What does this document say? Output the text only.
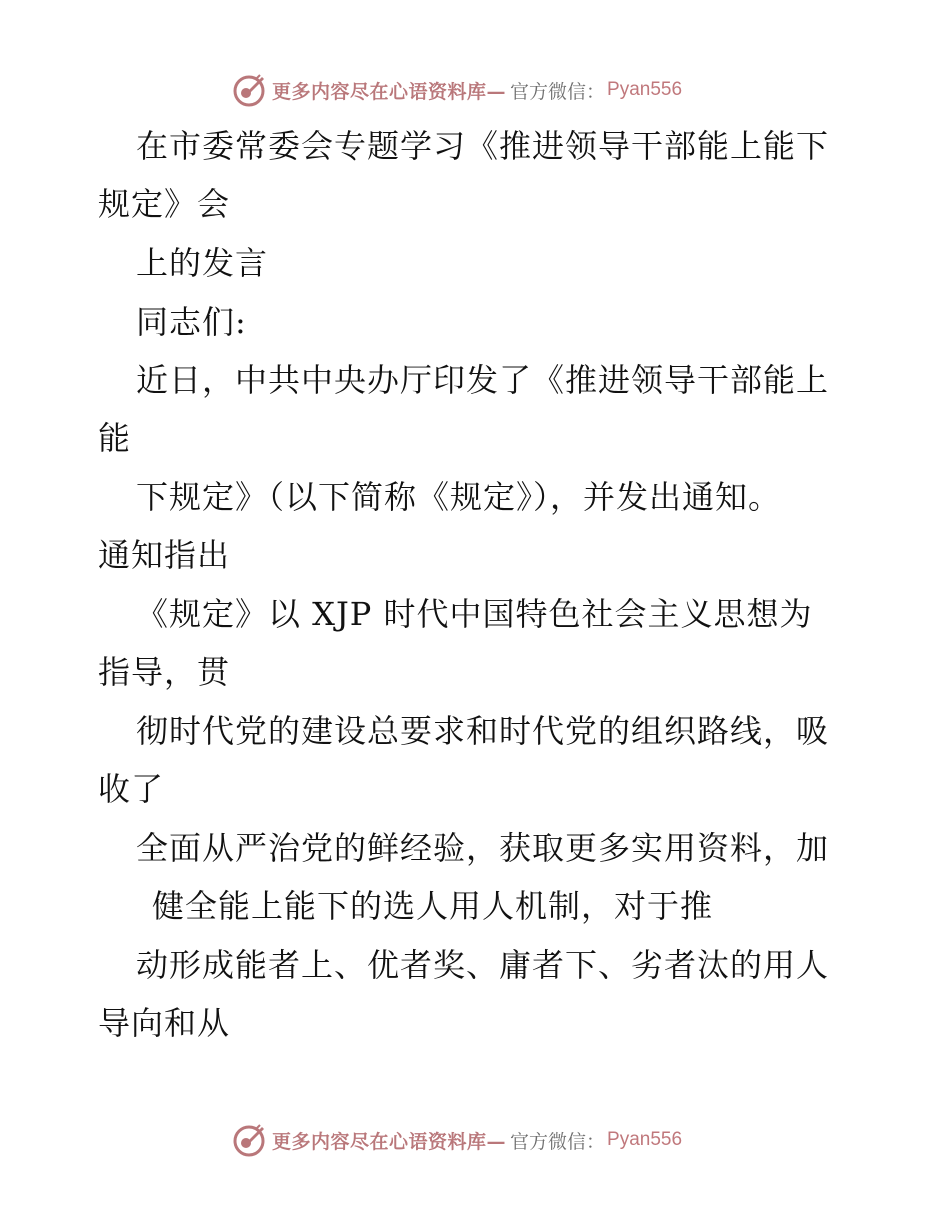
更多内容尽在心语资料库— 官方微信： Pyan556
在市委常委会专题学习《推进领导干部能上能下
规定》会
上的发言
同志们:
近日，中共中央办厅印发了《推进领导干部能上
能
下规定》（以下简称《规定》），并发出通知。
通知指出
《规定》以 XJP 时代中国特色社会主义思想为
指导，贯
彻时代党的建设总要求和时代党的组织路线，吸
收了
全面从严治党的鲜经验，获取更多实用资料，加
健全能上能下的选人用人机制，对于推
动形成能者上、优者奖、庸者下、劣者汰的用人
导向和从
更多内容尽在心语资料库— 官方微信： Pyan556
